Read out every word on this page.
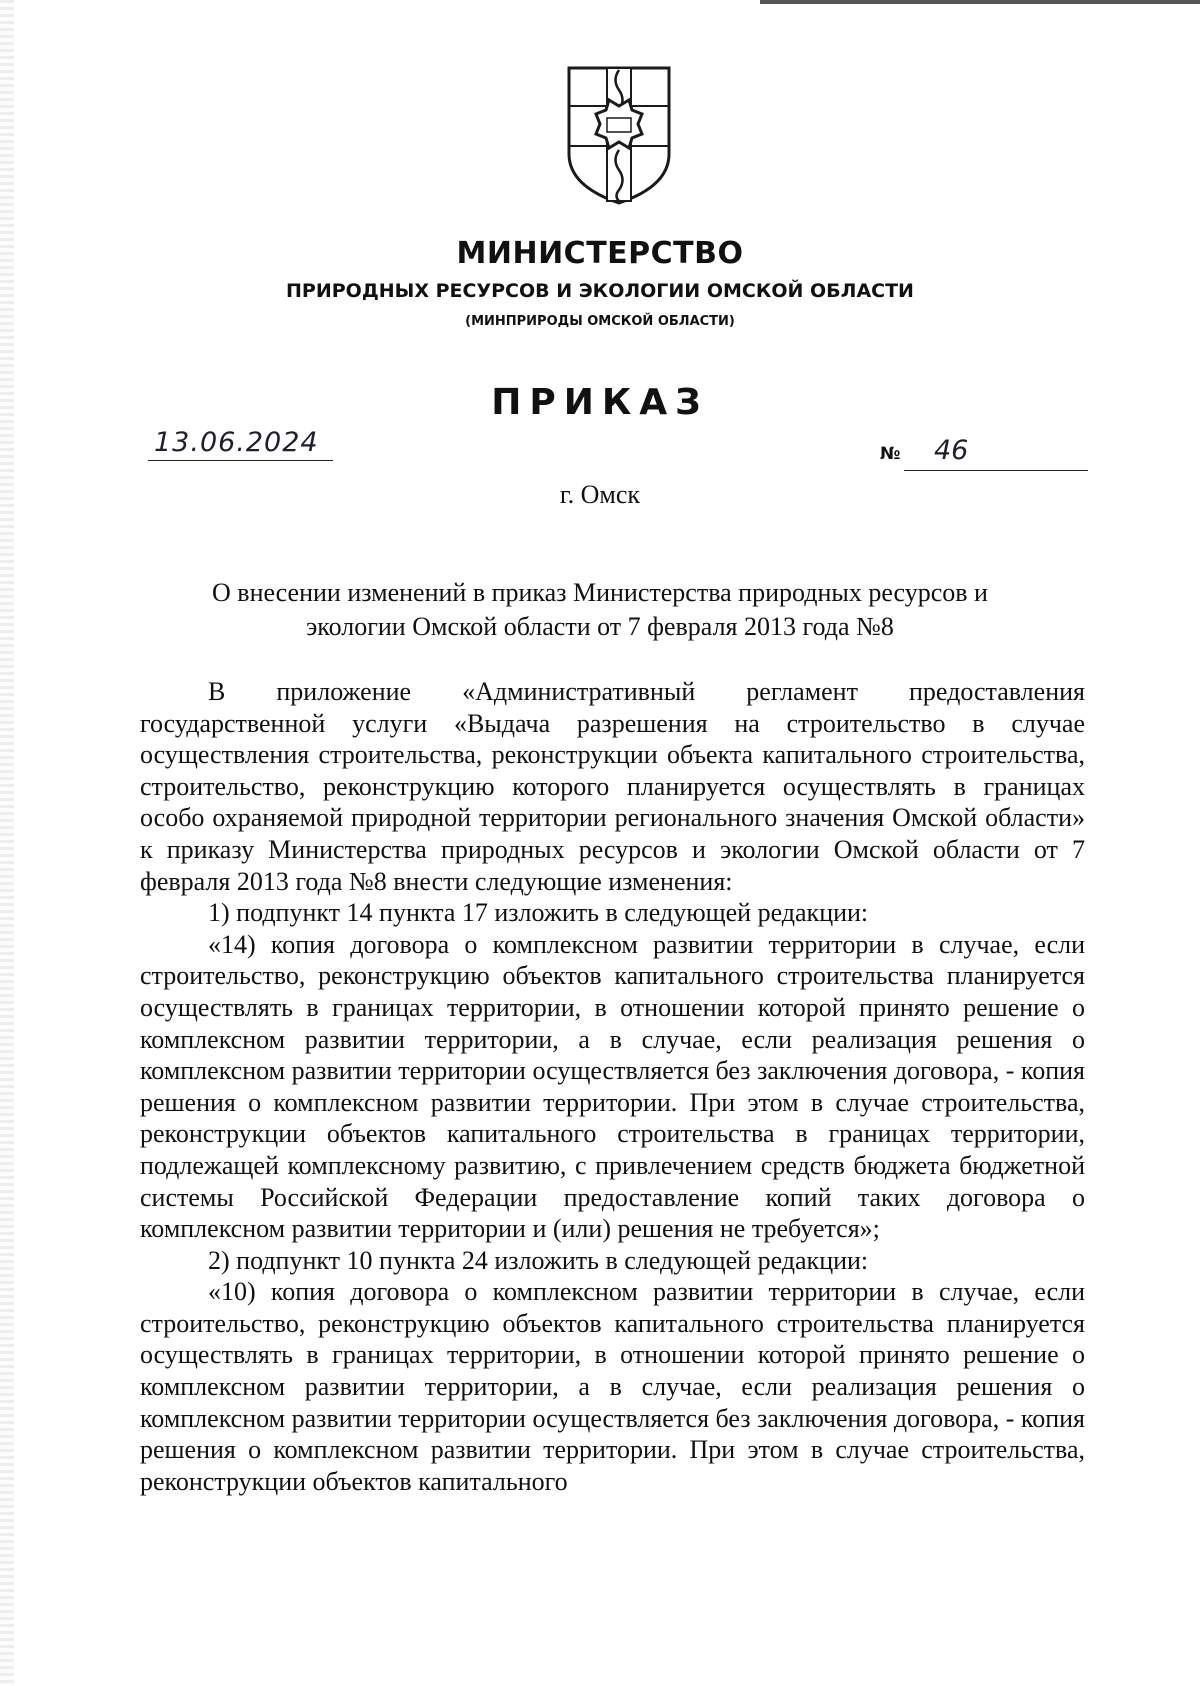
МИНИСТЕРСТВО
ПРИРОДНЫХ РЕСУРСОВ И ЭКОЛОГИИ ОМСКОЙ ОБЛАСТИ
(МИНПРИРОДЫ ОМСКОЙ ОБЛАСТИ)
ПРИКАЗ
13.06.2024	№ 46
г. Омск
О внесении изменений в приказ Министерства природных ресурсов и
экологии Омской области от 7 февраля 2013 года №8

В приложение «Административный регламент предоставления государственной услуги «Выдача разрешения на строительство в случае осуществления строительства, реконструкции объекта капитального строительства, строительство, реконструкцию которого планируется осуществлять в границах особо охраняемой природной территории регионального значения Омской области» к приказу Министерства природных ресурсов и экологии Омской области от 7 февраля 2013 года №8 внести следующие изменения:

1) подпункт 14 пункта 17 изложить в следующей редакции:

«14) копия договора о комплексном развитии территории в случае, если строительство, реконструкцию объектов капитального строительства планируется осуществлять в границах территории, в отношении которой принято решение о комплексном развитии территории, а в случае, если реализация решения о комплексном развитии территории осуществляется без заключения договора, - копия решения о комплексном развитии территории. При этом в случае строительства, реконструкции объектов капитального строительства в границах территории, подлежащей комплексному развитию, с привлечением средств бюджета бюджетной системы Российской Федерации предоставление копий таких договора о комплексном развитии территории и (или) решения не требуется»;

2) подпункт 10 пункта 24 изложить в следующей редакции:

«10) копия договора о комплексном развитии территории в случае, если строительство, реконструкцию объектов капитального строительства планируется осуществлять в границах территории, в отношении которой принято решение о комплексном развитии территории, а в случае, если реализация решения о комплексном развитии территории осуществляется без заключения договора, - копия решения о комплексном развитии территории. При этом в случае строительства, реконструкции объектов капитального
